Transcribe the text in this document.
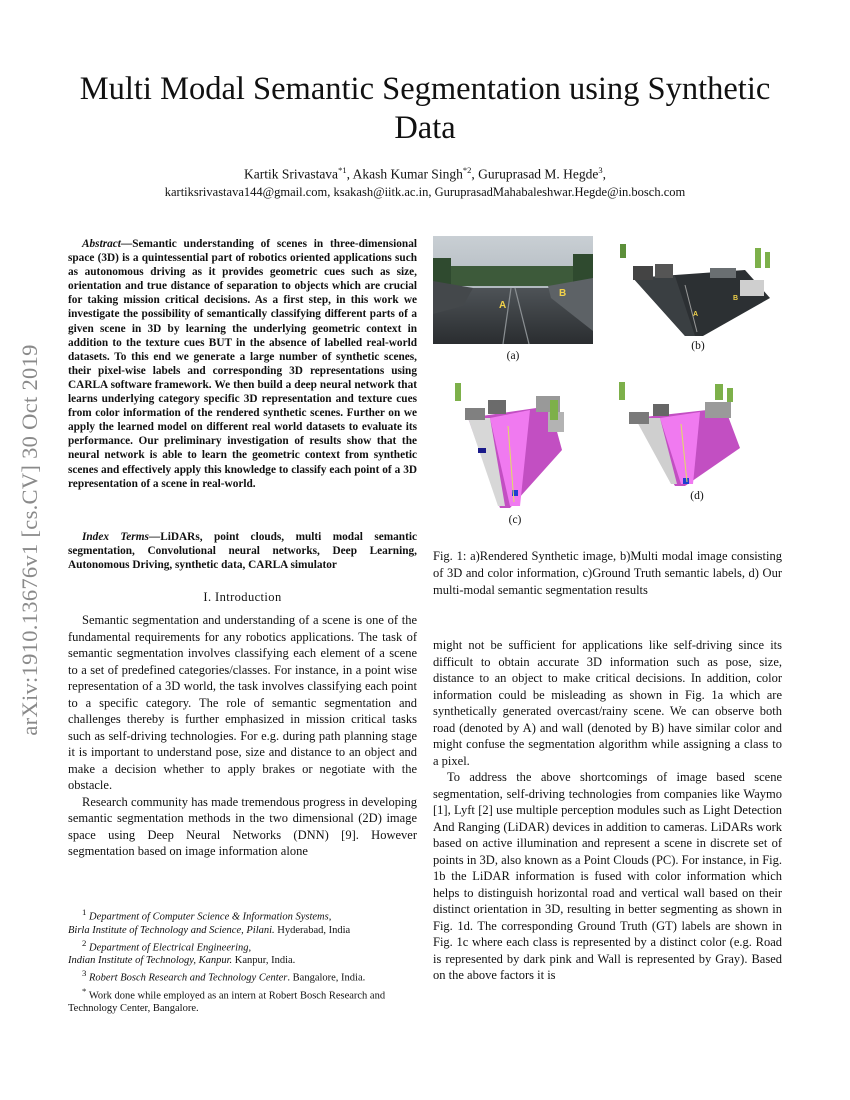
arXiv:1910.13676v1 [cs.CV] 30 Oct 2019
Multi Modal Semantic Segmentation using Synthetic Data
Kartik Srivastava$^{*1}$, Akash Kumar Singh$^{*2}$, Guruprasad M. Hegde$^3$,
kartiksrivastava144@gmail.com, ksakash@iitk.ac.in, GuruprasadMahabaleshwar.Hegde@in.bosch.com

Abstract—Semantic understanding of scenes in three-dimensional space (3D) is a quintessential part of robotics oriented applications such as autonomous driving as it provides geometric cues such as size, orientation and true distance of separation to objects which are crucial for taking mission critical decisions. As a first step, in this work we investigate the possibility of semantically classifying different parts of a given scene in 3D by learning the underlying geometric context in addition to the texture cues BUT in the absence of labelled real-world datasets. To this end we generate a large number of synthetic scenes, their pixel-wise labels and corresponding 3D representations using CARLA software framework. We then build a deep neural network that learns underlying category specific 3D representation and texture cues from color information of the rendered synthetic scenes. Further on we apply the learned model on different real world datasets to evaluate its performance. Our preliminary investigation of results show that the neural network is able to learn the geometric context from synthetic scenes and effectively apply this knowledge to classify each point of a 3D representation of a scene in real-world.

Index Terms—LiDARs, point clouds, multi modal semantic segmentation, Convolutional neural networks, Deep Learning, Autonomous Driving, synthetic data, CARLA simulator

I. Introduction

Semantic segmentation and understanding of a scene is one of the fundamental requirements for any robotics applications. The task of semantic segmentation involves classifying each element of a scene to a set of predefined categories/classes. For instance, in a point wise representation of a 3D world, the task involves classifying each point to a specific category. The role of semantic segmentation and challenges thereby is further emphasized in mission critical tasks such as self-driving technologies. For e.g. during path planning stage it is important to understand pose, size and distance to an object and make a decision whether to apply brakes or negotiate with the obstacle.

Research community has made tremendous progress in developing semantic segmentation methods in the two dimensional (2D) image space using Deep Neural Networks (DNN) [9]. However segmentation based on image information alone

$^1$ Department of Computer Science & Information Systems,

Birla Institute of Technology and Science, Pilani. Hyderabad, India

$^2$ Department of Electrical Engineering,

Indian Institute of Technology, Kanpur. Kanpur, India.

$^3$ Robert Bosch Research and Technology Center. Bangalore, India.

* Work done while employed as an intern at Robert Bosch Research and Technology Center, Bangalore.

A
B
(a)
A
B
(b)
(c)
(d)
Fig. 1: a)Rendered Synthetic image, b)Multi modal image consisting of 3D and color information, c)Ground Truth semantic labels, d) Our multi-modal semantic segmentation results

might not be sufficient for applications like self-driving since its difficult to obtain accurate 3D information such as pose, size, distance to an object to make critical decisions. In addition, color information could be misleading as shown in Fig. 1a which are synthetically generated overcast/rainy scene. We can observe both road (denoted by A) and wall (denoted by B) have similar color and might confuse the segmentation algorithm while assigning a class to a pixel.

To address the above shortcomings of image based scene segmentation, self-driving technologies from companies like Waymo [1], Lyft [2] use multiple perception modules such as Light Detection And Ranging (LiDAR) devices in addition to cameras. LiDARs work based on active illumination and represent a scene in discrete set of points in 3D, also known as a Point Clouds (PC). For instance, in Fig. 1b the LiDAR information is fused with color information which helps to distinguish horizontal road and vertical wall based on their distinct orientation in 3D, resulting in better segmenting as shown in Fig. 1d. The corresponding Ground Truth (GT) labels are shown in Fig. 1c where each class is represented by a distinct color (e.g. Road is represented by dark pink and Wall is represented by Gray). Based on the above factors it is
